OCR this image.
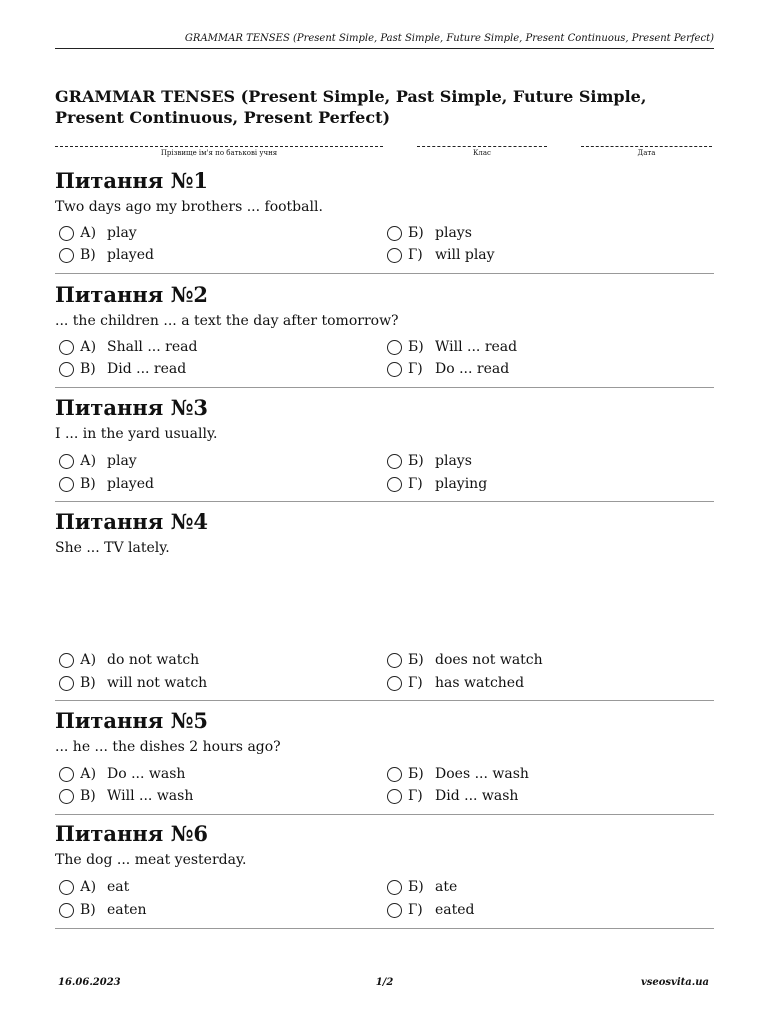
GRAMMAR TENSES (Present Simple, Past Simple, Future Simple, Present Continuous, Present Perfect)
GRAMMAR TENSES (Present Simple, Past Simple, Future Simple, Present Continuous, Present Perfect)
Прізвище ім'я по батькові учня	Клас	Дата
Питання №1
Two days ago my brothers ... football.
А) play	Б) plays
В) played	Г) will play
Питання №2
... the children ... a text the day after tomorrow?
А) Shall ... read	Б) Will ... read
В) Did ... read	Г) Do ... read
Питання №3
I ... in the yard usually.
А) play	Б) plays
В) played	Г) playing
Питання №4
She ... TV lately.
А) do not watch	Б) does not watch
В) will not watch	Г) has watched
Питання №5
... he ... the dishes 2 hours ago?
А) Do ... wash	Б) Does ... wash
В) Will ... wash	Г) Did ... wash
Питання №6
The dog ... meat yesterday.
А) eat	Б) ate
В) eaten	Г) eated
16.06.2023	1/2	vseosvita.ua
